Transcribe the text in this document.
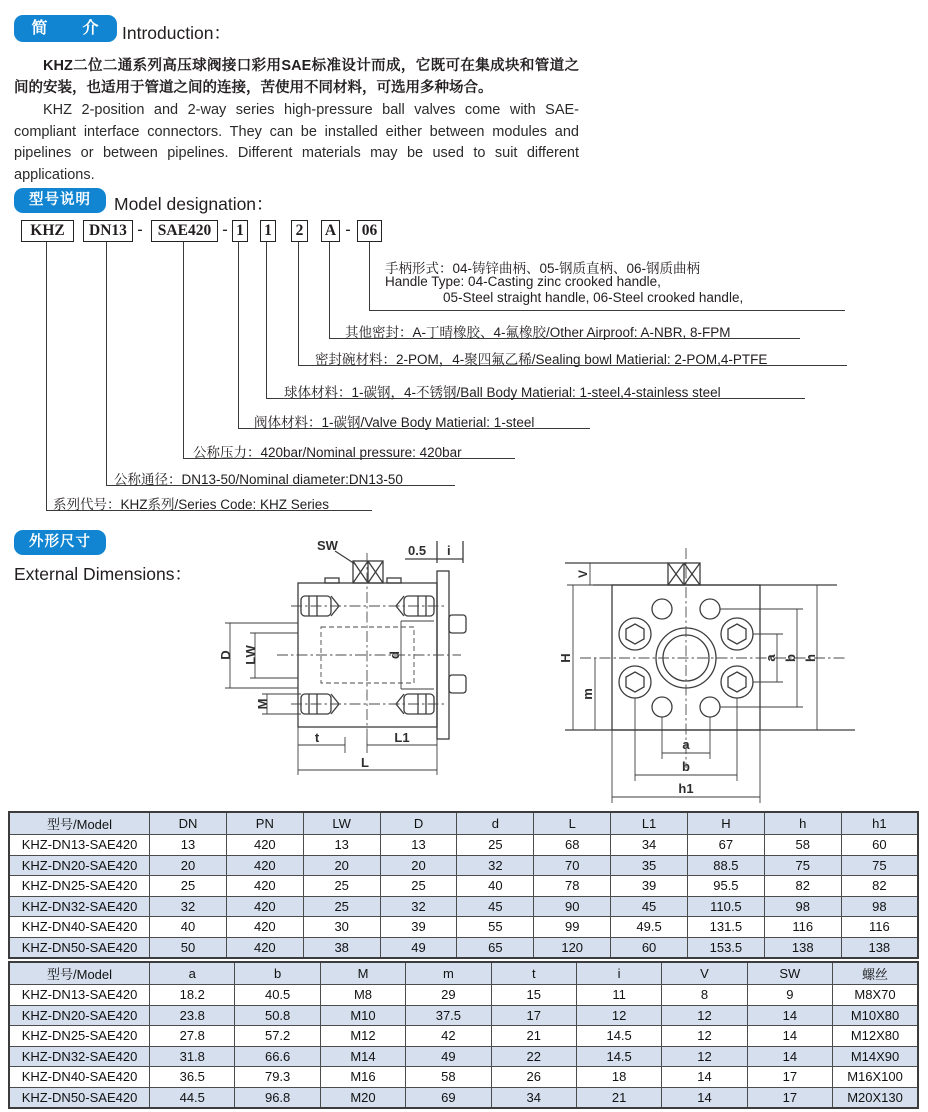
简　　介	Introduction：
KHZ二位二通系列高压球阀接口彩用SAE标准设计而成，它既可在集成块和管道之间的安装，也适用于管道之间的连接，苦使用不同材料，可选用多种场合。
KHZ 2-position and 2-way series high-pressure ball valves come with SAE-compliant interface connectors. They can be installed either between modules and pipelines or between pipelines. Different materials may be used to suit different applications.
型号说明	Model designation：
KHZ	DN13 - SAE420 - 1 1 2 A - 06
手柄形式：04-铸锌曲柄、05-钢质直柄、06-钢质曲柄
Handle Type: 04-Casting zinc crooked handle,
05-Steel straight handle, 06-Steel crooked handle,
其他密封：A-丁晴橡胶、4-氟橡胶/Other Airproof: A-NBR, 8-FPM
密封碗材料：2-POM，4-聚四氟乙稀/Sealing bowl Matierial: 2-POM,4-PTFE
球体材料：1-碳钢，4-不锈钢/Ball Body Matierial: 1-steel,4-stainless steel
阀体材料：1-碳钢/Valve Body Matierial: 1-steel
公称压力：420bar/Nominal pressure: 420bar
公称通径：DN13-50/Nominal diameter:DN13-50
系列代号：KHZ系列/Series Code: KHZ Series
外形尺寸
External Dimensions：
SW	0.5 i
D LW
M
d
t	L1
L
V
H
m
a b h
a
b
h1
型号/Model	DN	PN	LW	D	d	L	L1	H	h	h1
KHZ-DN13-SAE420	13	420	13	13	25	68	34	67	58	60
KHZ-DN20-SAE420	20	420	20	20	32	70	35	88.5	75	75
KHZ-DN25-SAE420	25	420	25	25	40	78	39	95.5	82	82
KHZ-DN32-SAE420	32	420	25	32	45	90	45	110.5	98	98
KHZ-DN40-SAE420	40	420	30	39	55	99	49.5	131.5	116	116
KHZ-DN50-SAE420	50	420	38	49	65	120	60	153.5	138	138
型号/Model	a	b	M	m	t	i	V	SW	螺丝
KHZ-DN13-SAE420	18.2	40.5	M8	29	15	11	8	9	M8X70
KHZ-DN20-SAE420	23.8	50.8	M10	37.5	17	12	12	14	M10X80
KHZ-DN25-SAE420	27.8	57.2	M12	42	21	14.5	12	14	M12X80
KHZ-DN32-SAE420	31.8	66.6	M14	49	22	14.5	12	14	M14X90
KHZ-DN40-SAE420	36.5	79.3	M16	58	26	18	14	17	M16X100
KHZ-DN50-SAE420	44.5	96.8	M20	69	34	21	14	17	M20X130
